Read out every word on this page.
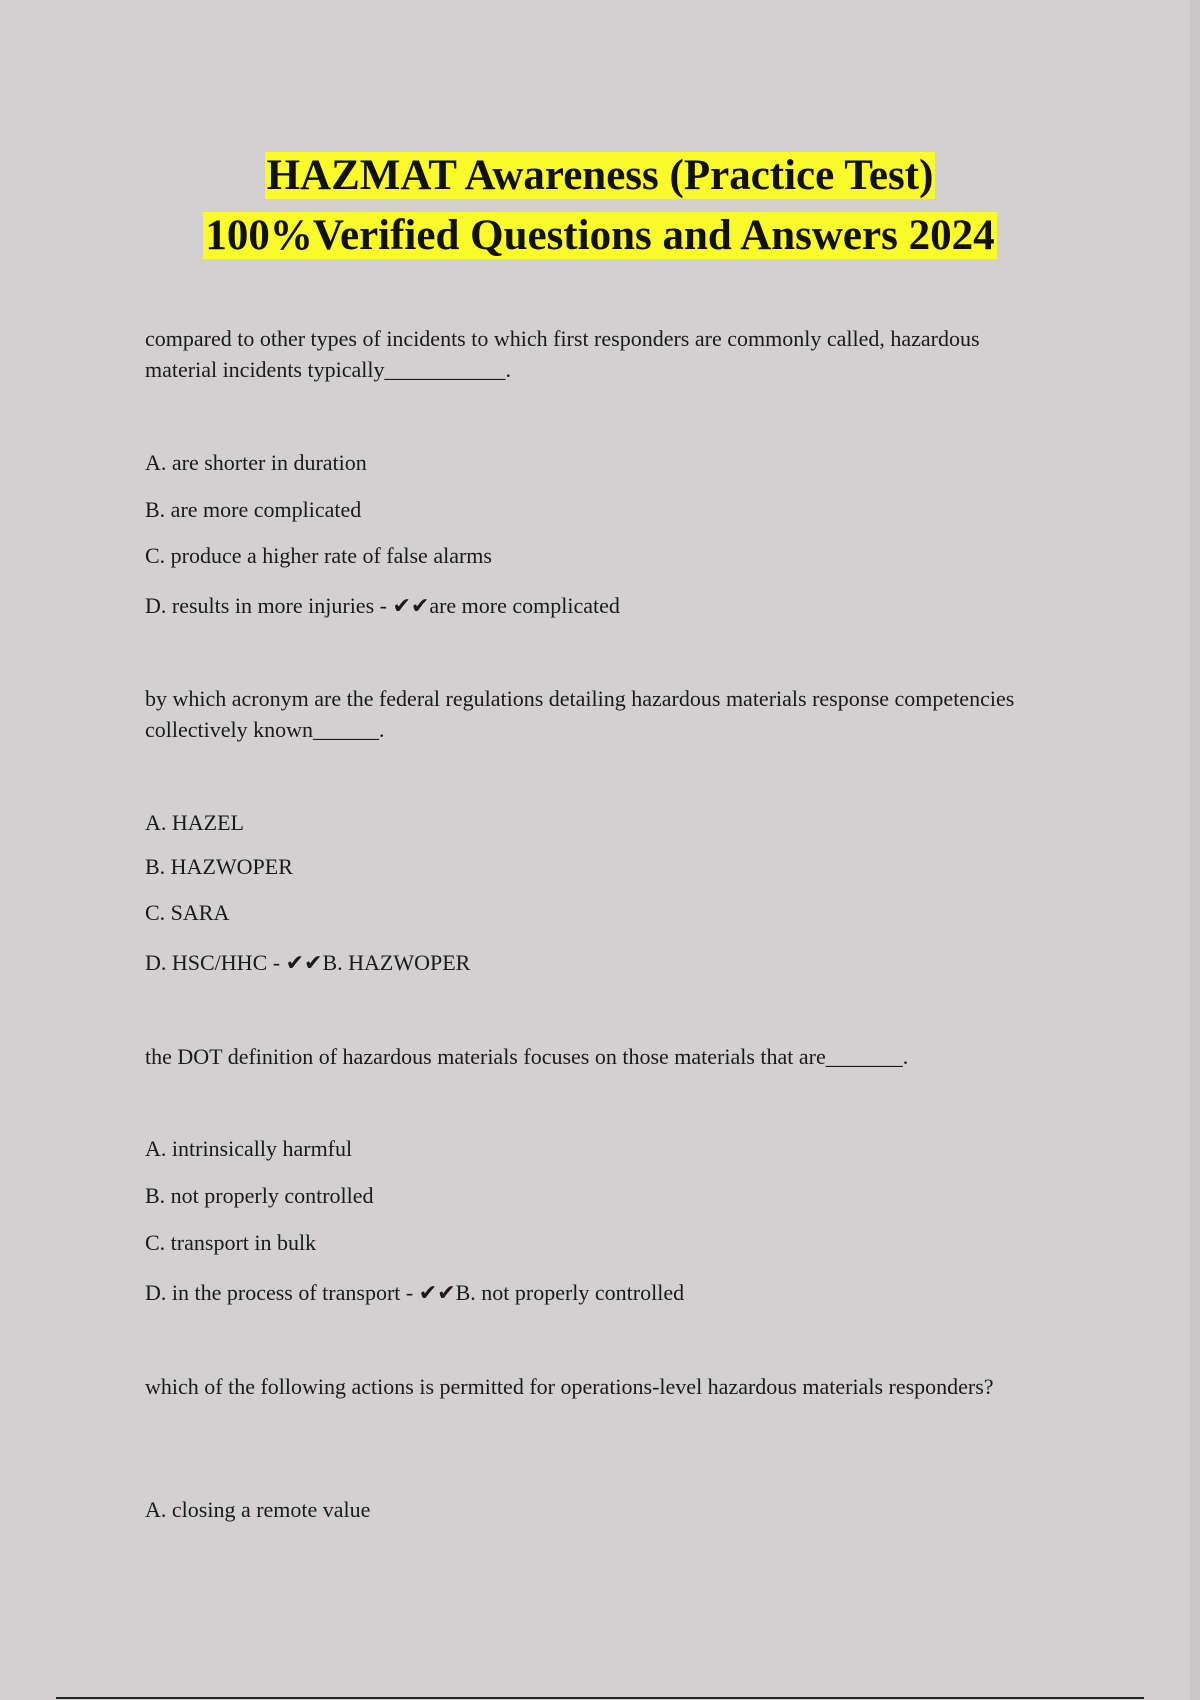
HAZMAT Awareness (Practice Test)
100%Verified Questions and Answers 2024
compared to other types of incidents to which first responders are commonly called, hazardous material incidents typically___________.
A. are shorter in duration
B. are more complicated
C. produce a higher rate of false alarms
D. results in more injuries - ✔✔are more complicated
by which acronym are the federal regulations detailing hazardous materials response competencies collectively known______.
A. HAZEL
B. HAZWOPER
C. SARA
D. HSC/HHC - ✔✔B. HAZWOPER
the DOT definition of hazardous materials focuses on those materials that are_______.
A. intrinsically harmful
B. not properly controlled
C. transport in bulk
D. in the process of transport - ✔✔B. not properly controlled
which of the following actions is permitted for operations-level hazardous materials responders?
A. closing a remote value
